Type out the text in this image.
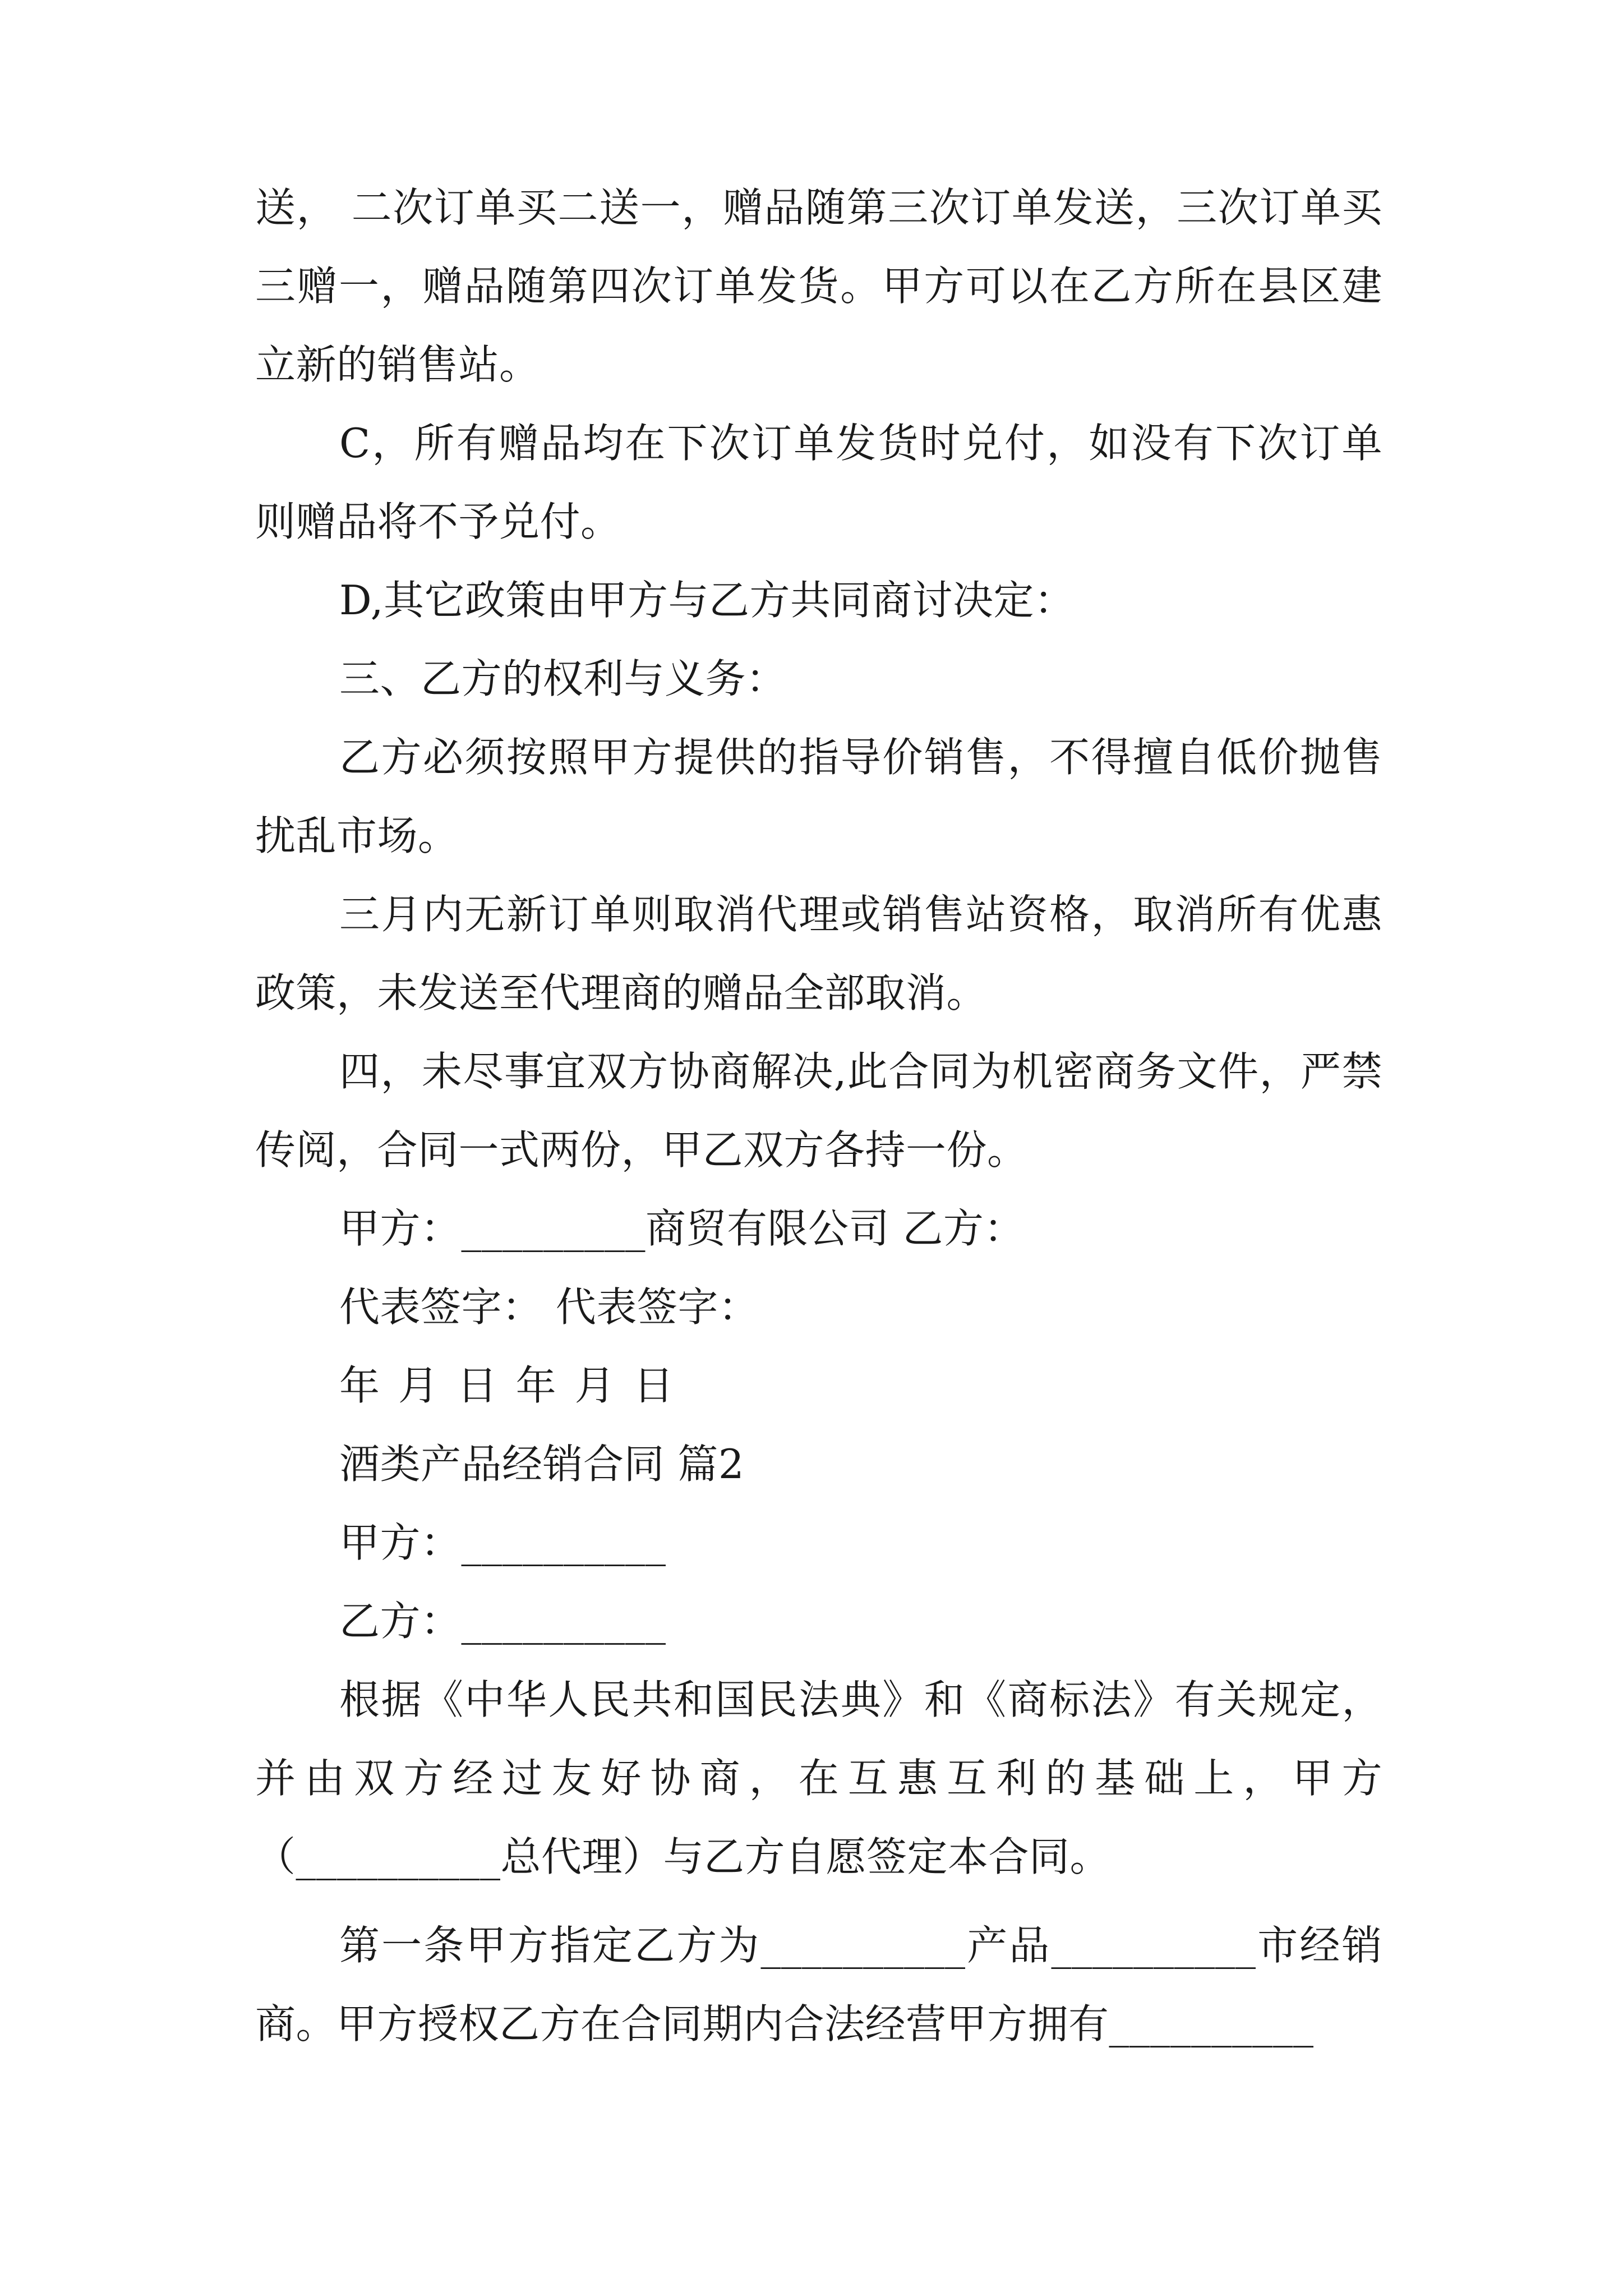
送， 二次订单买二送一，赠品随第三次订单发送，三次订单买三赠一，赠品随第四次订单发货。甲方可以在乙方所在县区建立新的销售站。

C，所有赠品均在下次订单发货时兑付，如没有下次订单则赠品将不予兑付。

D,其它政策由甲方与乙方共同商讨决定：

三、乙方的权利与义务：

乙方必须按照甲方提供的指导价销售，不得擅自低价抛售扰乱市场。

三月内无新订单则取消代理或销售站资格，取消所有优惠政策，未发送至代理商的赠品全部取消。

四，未尽事宜双方协商解决,此合同为机密商务文件，严禁传阅，合同一式两份，甲乙双方各持一份。

甲方：_________商贸有限公司 乙方：

代表签字： 代表签字：

年 月 日 年 月 日

酒类产品经销合同 篇2

甲方：__________

乙方：__________

根据《中华人民共和国民法典》和《商标法》有关规定，并由双方经过友好协商，在互惠互利的基础上，甲方（__________总代理）与乙方自愿签定本合同。

第一条甲方指定乙方为__________产品__________市经销商。甲方授权乙方在合同期内合法经营甲方拥有__________
